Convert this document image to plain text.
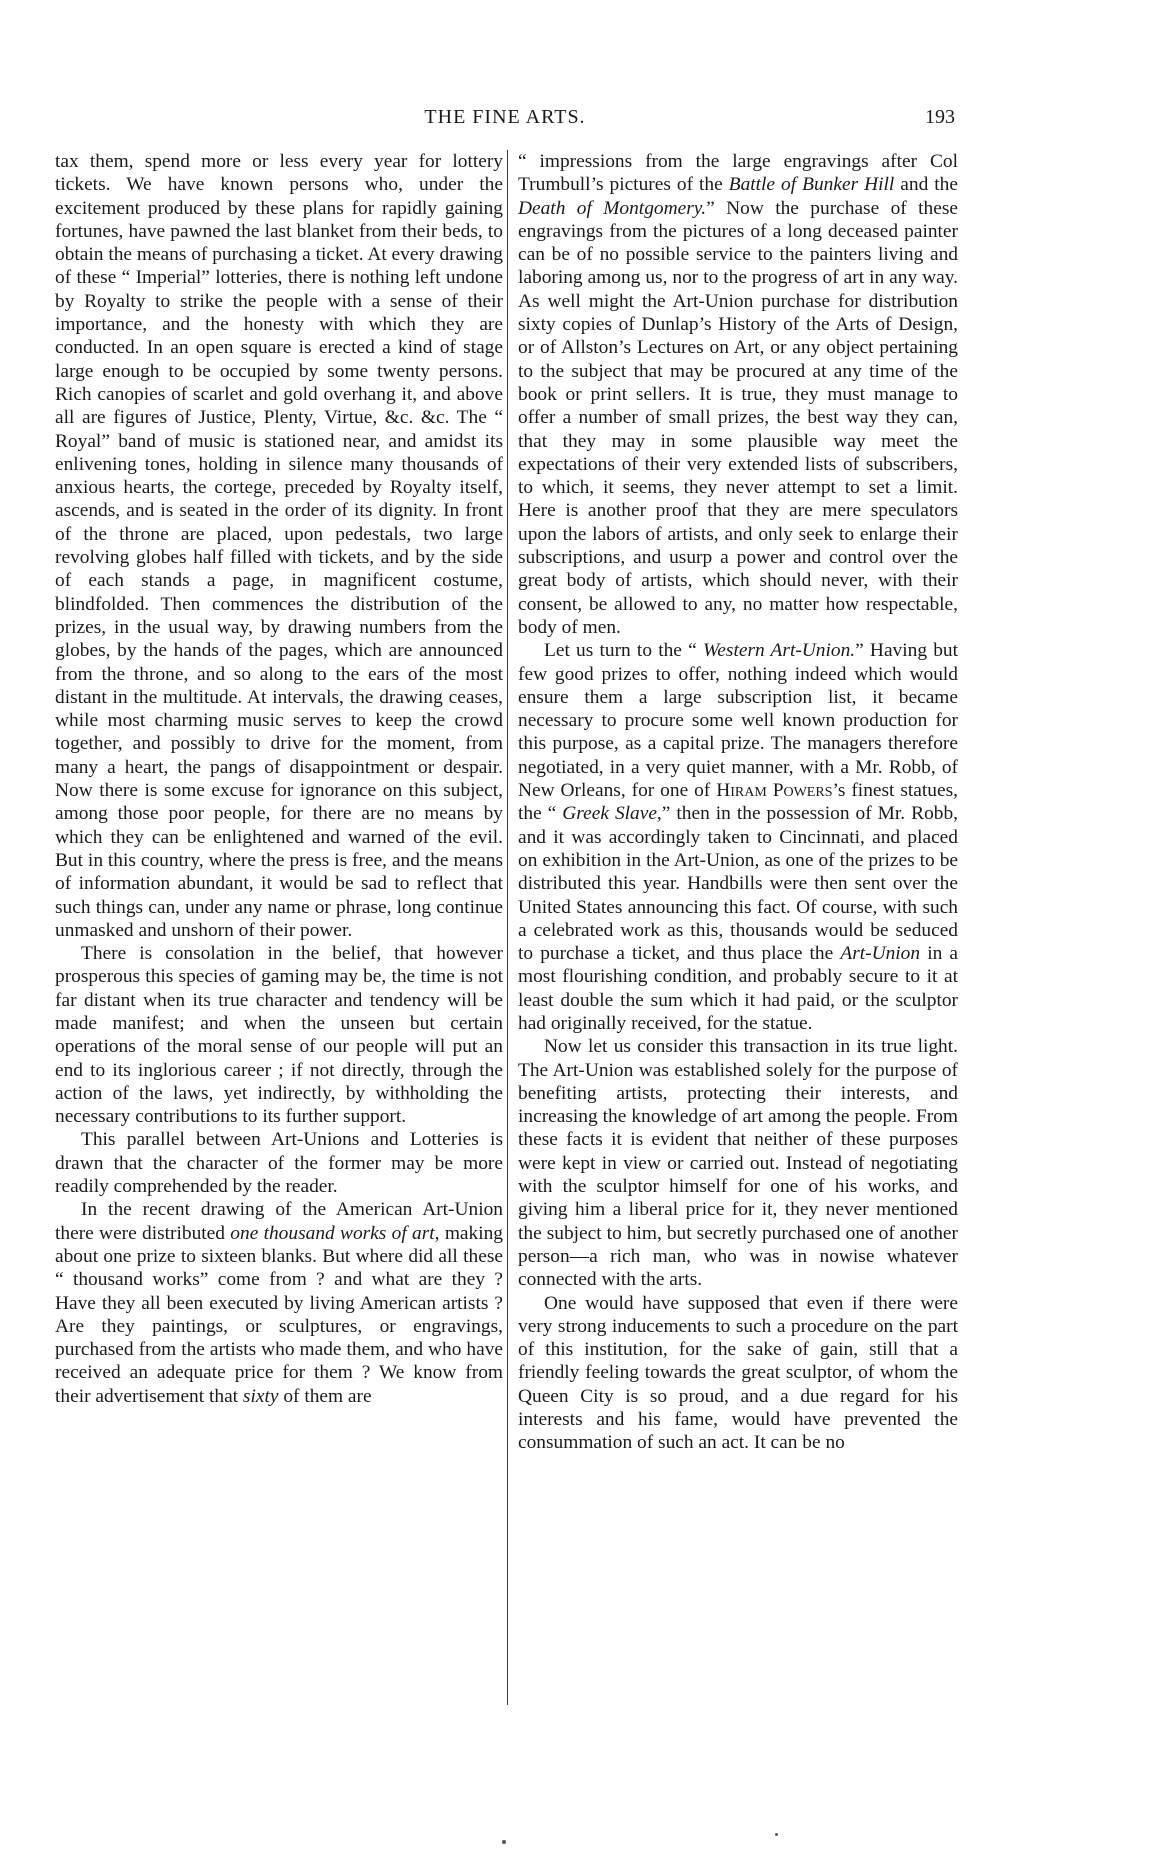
THE FINE ARTS.	193

tax them, spend more or less every year for lottery tickets. We have known persons who, under the excitement produced by these plans for rapidly gaining fortunes, have pawned the last blanket from their beds, to obtain the means of purchasing a ticket. At every drawing of these “ Imperial” lotteries, there is nothing left undone by Royalty to strike the people with a sense of their importance, and the honesty with which they are conducted. In an open square is erected a kind of stage large enough to be occupied by some twenty persons. Rich canopies of scarlet and gold overhang it, and above all are figures of Justice, Plenty, Virtue, &c. &c. The “ Royal” band of music is stationed near, and amidst its enlivening tones, holding in silence many thousands of anxious hearts, the cortege, preceded by Royalty itself, ascends, and is seated in the order of its dignity. In front of the throne are placed, upon pedestals, two large revolving globes half filled with tickets, and by the side of each stands a page, in magnificent costume, blindfolded. Then commences the distribution of the prizes, in the usual way, by drawing numbers from the globes, by the hands of the pages, which are announced from the throne, and so along to the ears of the most distant in the multitude. At intervals, the drawing ceases, while most charming music serves to keep the crowd together, and possibly to drive for the moment, from many a heart, the pangs of disappointment or despair. Now there is some excuse for ignorance on this subject, among those poor people, for there are no means by which they can be enlightened and warned of the evil. But in this country, where the press is free, and the means of information abundant, it would be sad to reflect that such things can, under any name or phrase, long continue unmasked and unshorn of their power.

There is consolation in the belief, that however prosperous this species of gaming may be, the time is not far distant when its true character and tendency will be made manifest; and when the unseen but certain operations of the moral sense of our people will put an end to its inglorious career ; if not directly, through the action of the laws, yet indirectly, by withholding the necessary contributions to its further support.

This parallel between Art-Unions and Lotteries is drawn that the character of the former may be more readily comprehended by the reader.

In the recent drawing of the American Art-Union there were distributed one thousand works of art, making about one prize to sixteen blanks. But where did all these “ thousand works” come from ? and what are they ? Have they all been executed by living American artists ? Are they paintings, or sculptures, or engravings, purchased from the artists who made them, and who have received an adequate price for them ? We know from their advertisement that sixty of them are

“ impressions from the large engravings after Col Trumbull’s pictures of the Battle of Bunker Hill and the Death of Montgomery.” Now the purchase of these engravings from the pictures of a long deceased painter can be of no possible service to the painters living and laboring among us, nor to the progress of art in any way. As well might the Art-Union purchase for distribution sixty copies of Dunlap’s History of the Arts of Design, or of Allston’s Lectures on Art, or any object pertaining to the subject that may be procured at any time of the book or print sellers. It is true, they must manage to offer a number of small prizes, the best way they can, that they may in some plausible way meet the expectations of their very extended lists of subscribers, to which, it seems, they never attempt to set a limit. Here is another proof that they are mere speculators upon the labors of artists, and only seek to enlarge their subscriptions, and usurp a power and control over the great body of artists, which should never, with their consent, be allowed to any, no matter how respectable, body of men.

Let us turn to the “ Western Art-Union.” Having but few good prizes to offer, nothing indeed which would ensure them a large subscription list, it became necessary to procure some well known production for this purpose, as a capital prize. The managers therefore negotiated, in a very quiet manner, with a Mr. Robb, of New Orleans, for one of Hiram Powers’s finest statues, the “ Greek Slave,” then in the possession of Mr. Robb, and it was accordingly taken to Cincinnati, and placed on exhibition in the Art-Union, as one of the prizes to be distributed this year. Handbills were then sent over the United States announcing this fact. Of course, with such a celebrated work as this, thousands would be seduced to purchase a ticket, and thus place the Art-Union in a most flourishing condition, and probably secure to it at least double the sum which it had paid, or the sculptor had originally received, for the statue.

Now let us consider this transaction in its true light. The Art-Union was established solely for the purpose of benefiting artists, protecting their interests, and increasing the knowledge of art among the people. From these facts it is evident that neither of these purposes were kept in view or carried out. Instead of negotiating with the sculptor himself for one of his works, and giving him a liberal price for it, they never mentioned the subject to him, but secretly purchased one of another person—a rich man, who was in nowise whatever connected with the arts.

One would have supposed that even if there were very strong inducements to such a procedure on the part of this institution, for the sake of gain, still that a friendly feeling towards the great sculptor, of whom the Queen City is so proud, and a due regard for his interests and his fame, would have prevented the consummation of such an act. It can be no
